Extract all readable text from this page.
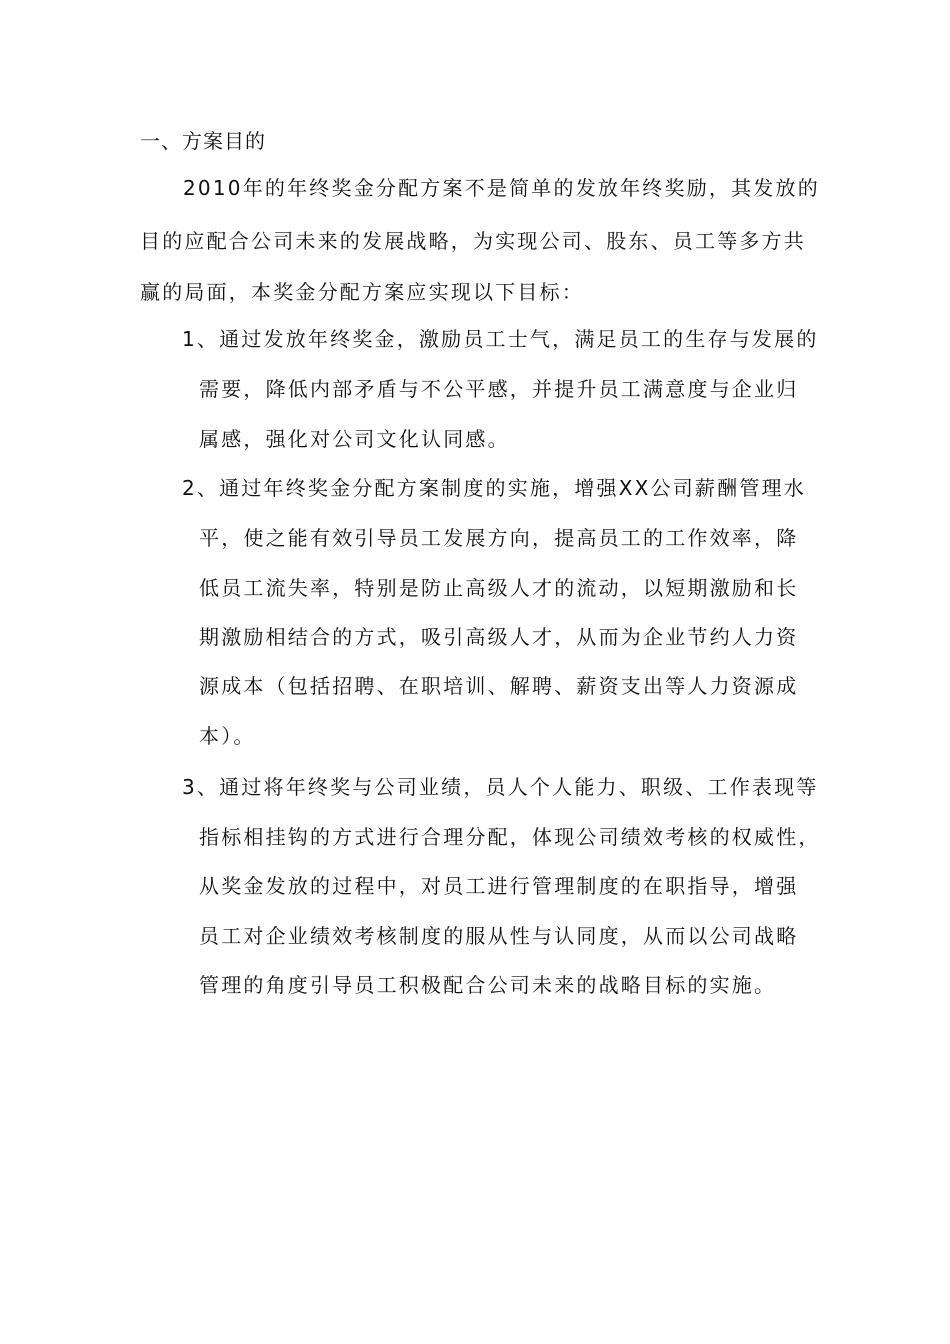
一、方案目的
2010年的年终奖金分配方案不是简单的发放年终奖励，其发放的
目的应配合公司未来的发展战略，为实现公司、股东、员工等多方共
赢的局面，本奖金分配方案应实现以下目标：
1、通过发放年终奖金，激励员工士气，满足员工的生存与发展的
需要，降低内部矛盾与不公平感，并提升员工满意度与企业归
属感，强化对公司文化认同感。
2、通过年终奖金分配方案制度的实施，增强XX公司薪酬管理水
平，使之能有效引导员工发展方向，提高员工的工作效率，降
低员工流失率，特别是防止高级人才的流动，以短期激励和长
期激励相结合的方式，吸引高级人才，从而为企业节约人力资
源成本（包括招聘、在职培训、解聘、薪资支出等人力资源成
本）。
3、通过将年终奖与公司业绩，员人个人能力、职级、工作表现等
指标相挂钩的方式进行合理分配，体现公司绩效考核的权威性，
从奖金发放的过程中，对员工进行管理制度的在职指导，增强
员工对企业绩效考核制度的服从性与认同度，从而以公司战略
管理的角度引导员工积极配合公司未来的战略目标的实施。
